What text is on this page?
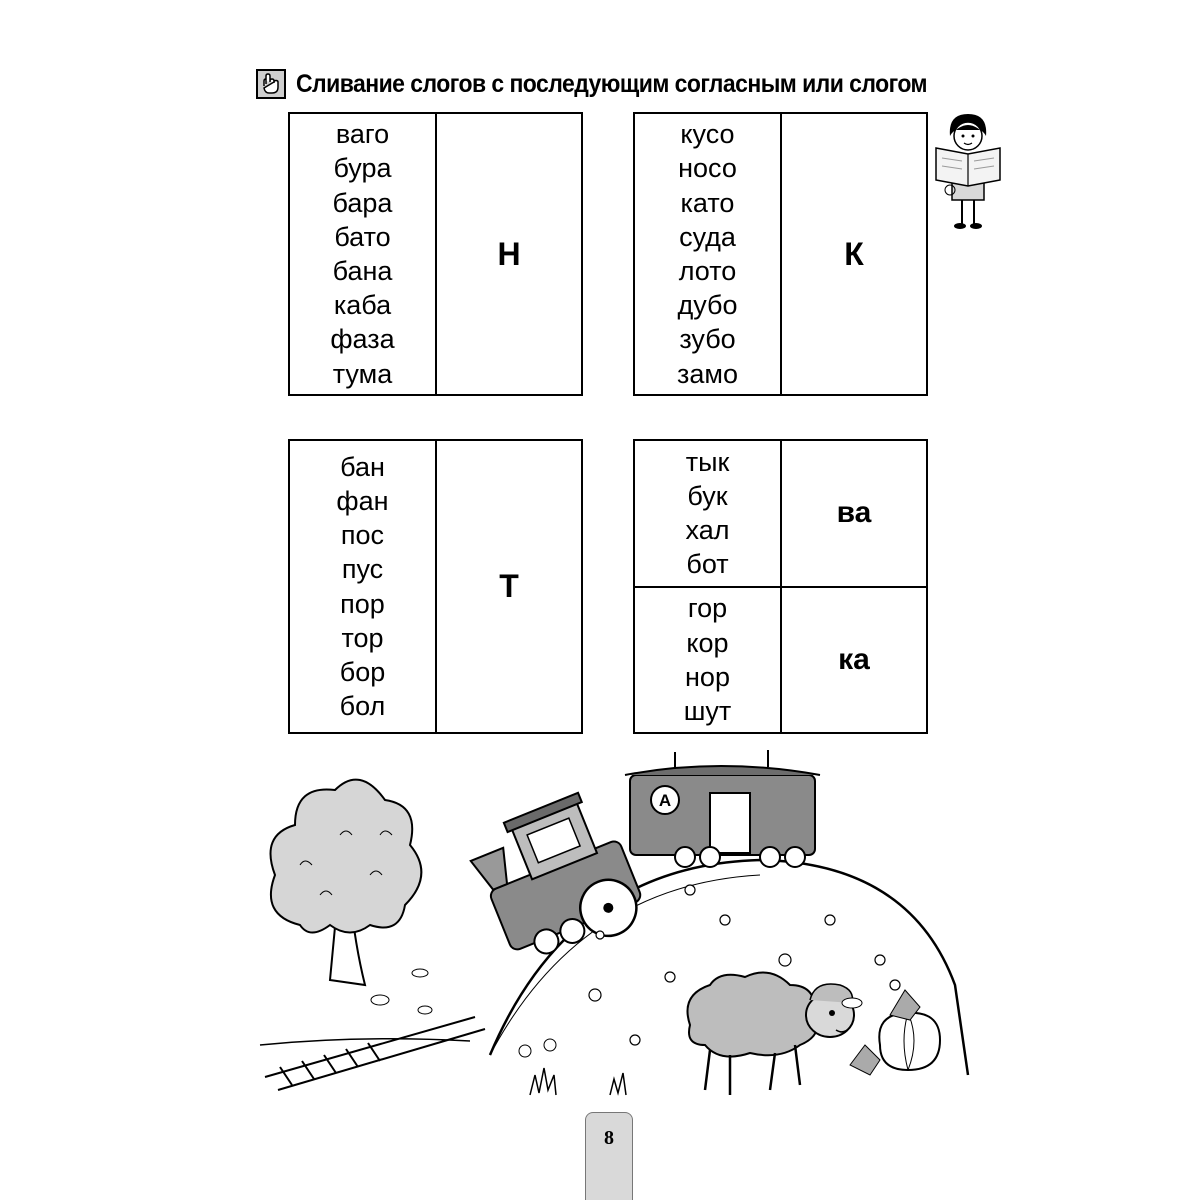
Сливание слогов с последующим согласным или слогом
ваго
бура
бара
бато
бана
каба
фаза
тума
Н
кусо
носо
като
суда
лото
дубо
зубо
замо
К
бан
фан
пос
пус
пор
тор
бор
бол
Т
тык
бук
хал
бот
ва
гор
кор
нор
шут
ка
A
8
